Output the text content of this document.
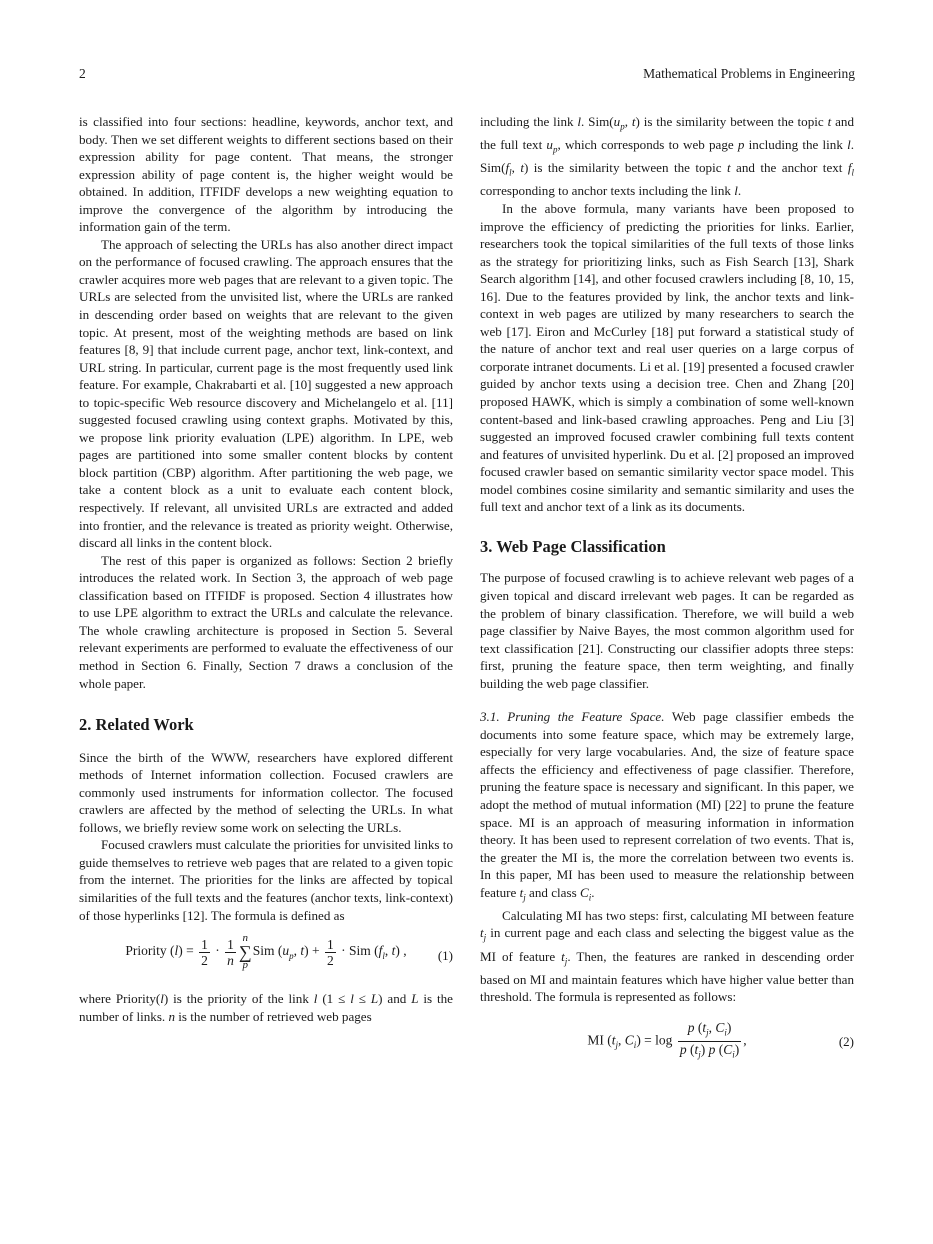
2	Mathematical Problems in Engineering

is classified into four sections: headline, keywords, anchor text, and body. Then we set different weights to different sections based on their expression ability for page content. That means, the stronger expression ability of page content is, the higher weight would be obtained. In addition, ITFIDF develops a new weighting equation to improve the convergence of the algorithm by introducing the information gain of the term.

The approach of selecting the URLs has also another direct impact on the performance of focused crawling. The approach ensures that the crawler acquires more web pages that are relevant to a given topic. The URLs are selected from the unvisited list, where the URLs are ranked in descending order based on weights that are relevant to the given topic. At present, most of the weighting methods are based on link features [8, 9] that include current page, anchor text, link-context, and URL string. In particular, current page is the most frequently used link feature. For example, Chakrabarti et al. [10] suggested a new approach to topic-specific Web resource discovery and Michelangelo et al. [11] suggested focused crawling using context graphs. Motivated by this, we propose link priority evaluation (LPE) algorithm. In LPE, web pages are partitioned into some smaller content blocks by content block partition (CBP) algorithm. After partitioning the web page, we take a content block as a unit to evaluate each content block, respectively. If relevant, all unvisited URLs are extracted and added into frontier, and the relevance is treated as priority weight. Otherwise, discard all links in the content block.

The rest of this paper is organized as follows: Section 2 briefly introduces the related work. In Section 3, the approach of web page classification based on ITFIDF is proposed. Section 4 illustrates how to use LPE algorithm to extract the URLs and calculate the relevance. The whole crawling architecture is proposed in Section 5. Several relevant experiments are performed to evaluate the effectiveness of our method in Section 6. Finally, Section 7 draws a conclusion of the whole paper.

2. Related Work

Since the birth of the WWW, researchers have explored different methods of Internet information collection. Focused crawlers are commonly used instruments for information collector. The focused crawlers are affected by the method of selecting the URLs. In what follows, we briefly review some work on selecting the URLs.

Focused crawlers must calculate the priorities for unvisited links to guide themselves to retrieve web pages that are related to a given topic from the internet. The priorities for the links are affected by topical similarities of the full texts and the features (anchor texts, link-context) of those hyperlinks [12]. The formula is defined as

Priority $(l) = \frac{1}{2} \cdot \frac{1}{n}$ n
∑
pSim ($u_p$, $t) + \frac{1}{2}$ · Sim ($f_l$, t) , (1)

where Priority(l) is the priority of the link l (1 ≤ l ≤ L) and L is the number of links. n is the number of retrieved web pages

including the link l. $Sim(u_p$, t) is the similarity between the topic t and the full text $u_p$, which corresponds to web page p including the link l. $Sim(f_l$, t) is the similarity between the topic t and the anchor text $f_l$ corresponding to anchor texts including the link l.

In the above formula, many variants have been proposed to improve the efficiency of predicting the priorities for links. Earlier, researchers took the topical similarities of the full texts of those links as the strategy for prioritizing links, such as Fish Search [13], Shark Search algorithm [14], and other focused crawlers including [8, 10, 15, 16]. Due to the features provided by link, the anchor texts and link-context in web pages are utilized by many researchers to search the web [17]. Eiron and McCurley [18] put forward a statistical study of the nature of anchor text and real user queries on a large corpus of corporate intranet documents. Li et al. [19] presented a focused crawler guided by anchor texts using a decision tree. Chen and Zhang [20] proposed HAWK, which is simply a combination of some well-known content-based and link-based crawling approaches. Peng and Liu [3] suggested an improved focused crawler combining full texts content and features of unvisited hyperlink. Du et al. [2] proposed an improved focused crawler based on semantic similarity vector space model. This model combines cosine similarity and semantic similarity and uses the full text and anchor text of a link as its documents.

3. Web Page Classification

The purpose of focused crawling is to achieve relevant web pages of a given topical and discard irrelevant web pages. It can be regarded as the problem of binary classification. Therefore, we will build a web page classifier by Naive Bayes, the most common algorithm used for text classification [21]. Constructing our classifier adopts three steps: first, pruning the feature space, then term weighting, and finally building the web page classifier.

3.1. Pruning the Feature Space. Web page classifier embeds the documents into some feature space, which may be extremely large, especially for very large vocabularies. And, the size of feature space affects the efficiency and effectiveness of page classifier. Therefore, pruning the feature space is necessary and significant. In this paper, we adopt the method of mutual information (MI) [22] to prune the feature space. MI is an approach of measuring information in information theory. It has been used to represent correlation of two events. That is, the greater the MI is, the more the correlation between two events is. In this paper, MI has been used to measure the relationship between feature $t_j$ and class $C_i$.

Calculating MI has two steps: first, calculating MI between feature $t_j$ in current page and each class and selecting the biggest value as the MI of feature $t_j$. Then, the features are ranked in descending order based on MI and maintain features which have higher value better than threshold. The formula is represented as follows:

MI ($t_j$, $C_i) = \log \frac{p (t_j, C_i)}{p (t_j) p (C_i)}$ ,	(2)
